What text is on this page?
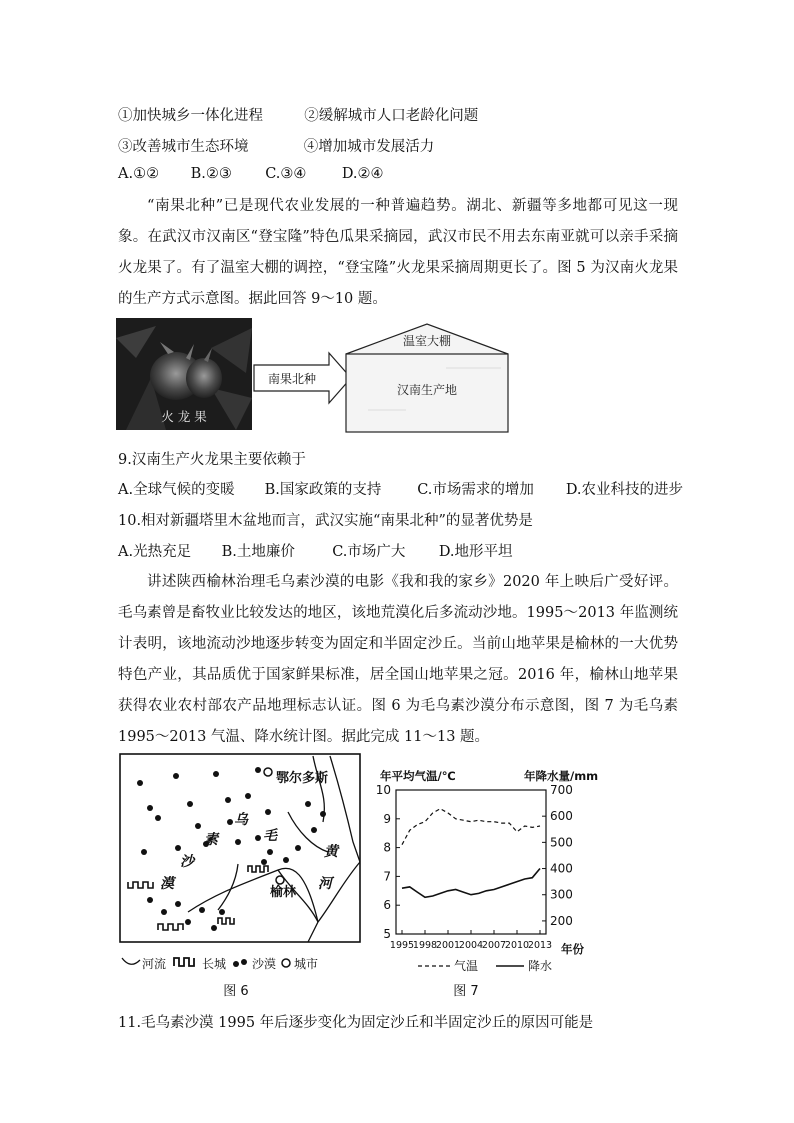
①加快城乡一体化进程	②缓解城市人口老龄化问题
③改善城市生态环境	④增加城市发展活力
A.①② B.②③ C.③④ D.②④

“南果北种”已是现代农业发展的一种普遍趋势。湖北、新疆等多地都可见这一现象。在武汉市汉南区“登宝隆”特色瓜果采摘园，武汉市民不用去东南亚就可以亲手采摘火龙果了。有了温室大棚的调控，“登宝隆”火龙果采摘周期更长了。图 5 为汉南火龙果的生产方式示意图。据此回答 9～10 题。

火 龙 果
南果北种
温室大棚
汉南生产地
9.汉南生产火龙果主要依赖于
A.全球气候的变暖 B.国家政策的支持 C.市场需求的增加 D.农业科技的进步
10.相对新疆塔里木盆地而言，武汉实施“南果北种”的显著优势是
A.光热充足 B.土地廉价	C.市场广大 D.地形平坦

讲述陕西榆林治理毛乌素沙漠的电影《我和我的家乡》2020 年上映后广受好评。毛乌素曾是畜牧业比较发达的地区，该地荒漠化后多流动沙地。1995～2013 年监测统计表明，该地流动沙地逐步转变为固定和半固定沙丘。当前山地苹果是榆林的一大优势特色产业，其品质优于国家鲜果标准，居全国山地苹果之冠。2016 年，榆林山地苹果获得农业农村部农产品地理标志认证。图 6 为毛乌素沙漠分布示意图，图 7 为毛乌素 1995～2013 气温、降水统计图。据此完成 11～13 题。

鄂尔多斯
毛
乌
素
沙
漠
黄
河
榆林
河流	长城 沙漠 城市
图 6
年平均气温/℃	年降水量/mm
5
6
7
8
9
10
200
300
400
500
600
700
1995
1998
2001
2004
2007
2010
2013 年份
气温	降水
图 7
11.毛乌素沙漠 1995 年后逐步变化为固定沙丘和半固定沙丘的原因可能是
